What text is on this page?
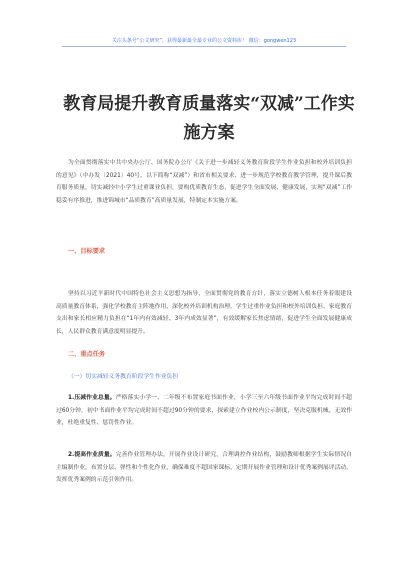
关注头条号“公文研究”，获得最新最全最专业的公文资料库！ 微信：gongwen123
教育局提升教育质量落实“双减”工作实施方案

为全面贯彻落实中共中央办公厅、国务院办公厅《关于进一步减轻义务教育阶段学生作业负担和校外培训负担的意见》（中办发〔2021〕40号，以下简称“双减”）和省市相关要求，进一步规范学校教育教学管理，提升课后教育服务质量，切实减轻中小学生过重课业负担，要构优质教育生态，促进学生全面发展、健康发展，实现“双减”工作稳妥有序推进，推进锦城市“品质教育”高质量发展，特制定本实施方案。

一、目标要求

坚持以习近平新时代中国特色社会主义思想为指导，全面贯彻党的教育方针，落实立德树人根本任务着眼建设高质量教育体系，强化学校教育主阵地作用，深化校外培训机构治理，学生过重作业负担和校外培训负担、家庭教育支出和家长相应精力负担在“1年内有效减轻、3年内成效显著”，有效缓解家长焦虑情绪，促进学生全面发展健康成长，人民群众教育满意度明显提升。

二、重点任务
（一）切实减轻义务教育阶段学生作业负担

1.压减作业总量。严格落实小学一、二年级不布置家庭书面作业，小学三至六年级书面作业平均完成时间不超过60分钟，初中书面作业平均完成时间不超过90分钟的要求，探索建立作业校内公示制度，坚决克服机械、无效作业，杜绝重复性、惩罚性作业。

2.提高作业质量。完善作业管理办法，开展作业设计研究，合理调控作业结构，鼓励教师根据学生实际情况自主编制作业，布置分层、弹性和个性化作业，确保难度不超国家课标，定期开展作业管理和设计优秀案例展评活动，发挥优秀案例的示范引领作用。
